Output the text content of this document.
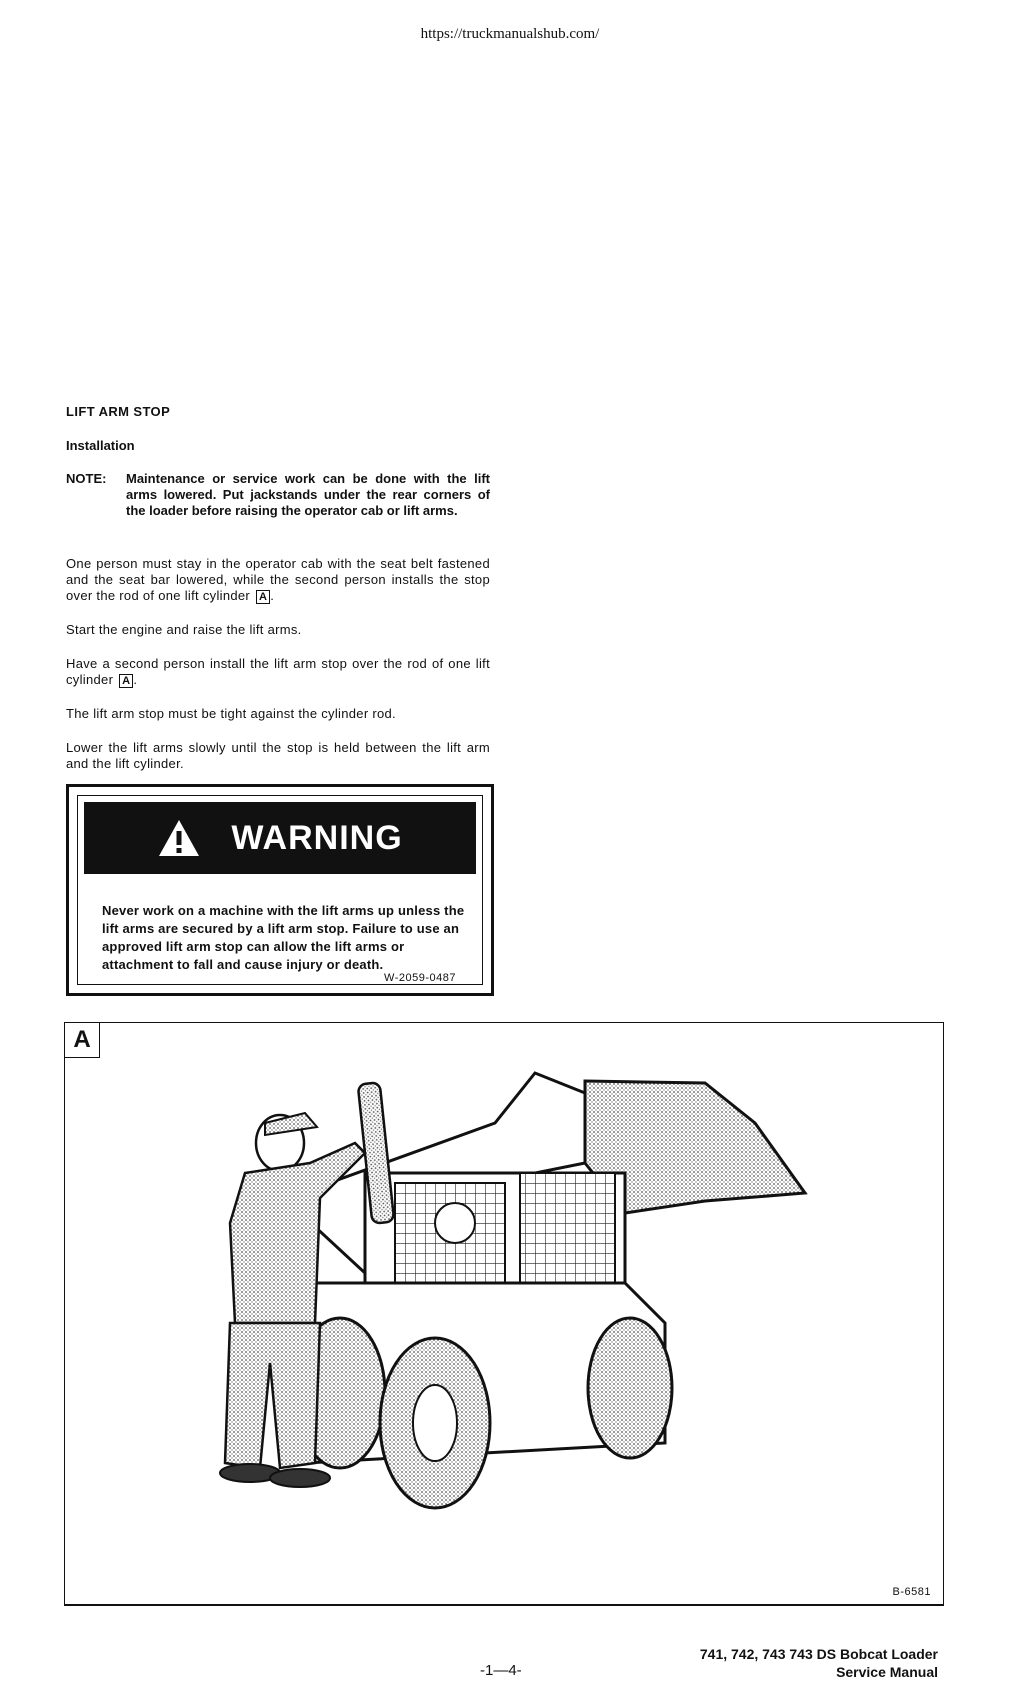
https://truckmanualshub.com/
LIFT ARM STOP
Installation
NOTE: Maintenance or service work can be done with the lift arms lowered. Put jackstands under the rear corners of the loader before raising the operator cab or lift arms.
One person must stay in the operator cab with the seat belt fastened and the seat bar lowered, while the second person installs the stop over the rod of one lift cylinder A .
Start the engine and raise the lift arms.
Have a second person install the lift arm stop over the rod of one lift cylinder A .
The lift arm stop must be tight against the cylinder rod.
Lower the lift arms slowly until the stop is held between the lift arm and the lift cylinder.
WARNING
Never work on a machine with the lift arms up unless the lift arms are secured by a lift arm stop. Failure to use an approved lift arm stop can allow the lift arms or attachment to fall and cause injury or death.
W-2059-0487
A
B-6581
-1—4-
741, 742, 743 743 DS Bobcat Loader
Service Manual
